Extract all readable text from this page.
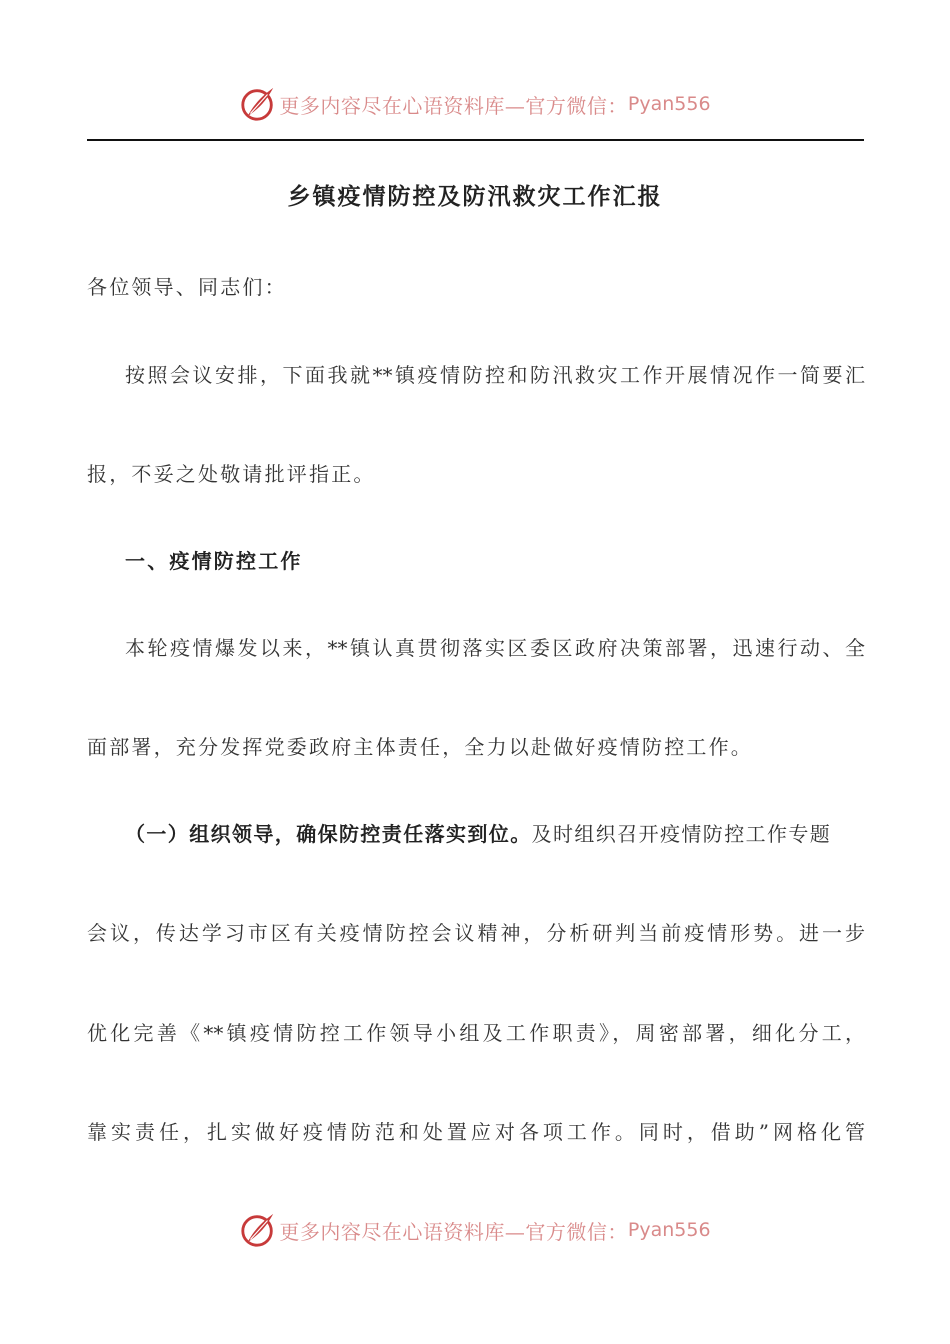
更多内容尽在心语资料库—官方微信： Pyan556
乡镇疫情防控及防汛救灾工作汇报
各位领导、同志们：
按照会议安排，下面我就**镇疫情防控和防汛救灾工作开展情况作一简要汇
报，不妥之处敬请批评指正。
一、疫情防控工作
本轮疫情爆发以来，**镇认真贯彻落实区委区政府决策部署，迅速行动、全
面部署，充分发挥党委政府主体责任，全力以赴做好疫情防控工作。
（一）组织领导，确保防控责任落实到位。及时组织召开疫情防控工作专题
会议，传达学习市区有关疫情防控会议精神，分析研判当前疫情形势。进一步
优化完善《**镇疫情防控工作领导小组及工作职责》，周密部署，细化分工，
靠实责任，扎实做好疫情防范和处置应对各项工作。同时，借助”网格化管
更多内容尽在心语资料库—官方微信： Pyan556
